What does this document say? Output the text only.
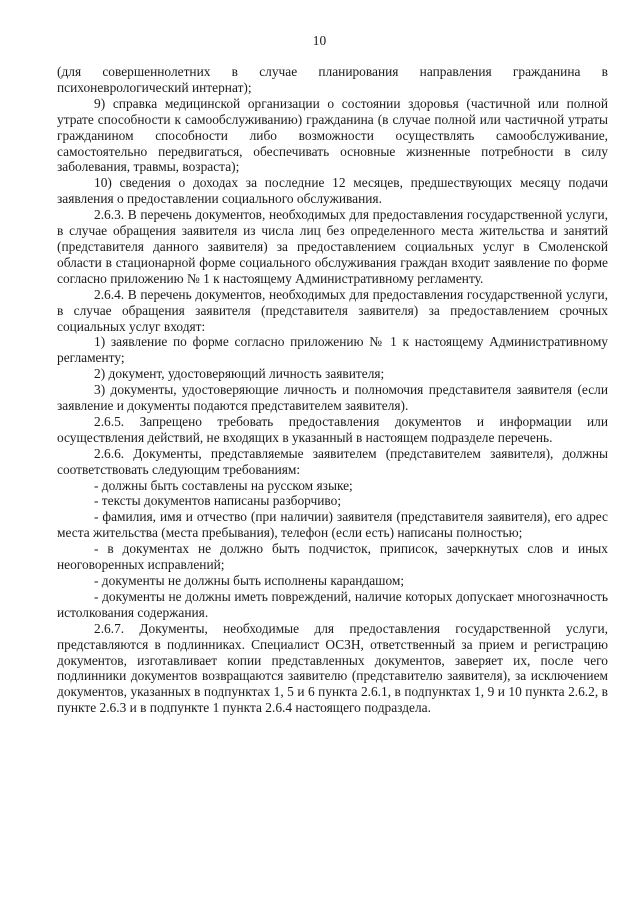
10

(для совершеннолетних в случае планирования направления гражданина в психоневрологический интернат);

9) справка медицинской организации о состоянии здоровья (частичной или полной утрате способности к самообслуживанию) гражданина (в случае полной или частичной утраты гражданином способности либо возможности осуществлять самообслуживание, самостоятельно передвигаться, обеспечивать основные жизненные потребности в силу заболевания, травмы, возраста);

10) сведения о доходах за последние 12 месяцев, предшествующих месяцу подачи заявления о предоставлении социального обслуживания.

2.6.3. В перечень документов, необходимых для предоставления государственной услуги, в случае обращения заявителя из числа лиц без определенного места жительства и занятий (представителя данного заявителя) за предоставлением социальных услуг в Смоленской области в стационарной форме социального обслуживания граждан входит заявление по форме согласно приложению № 1 к настоящему Административному регламенту.

2.6.4. В перечень документов, необходимых для предоставления государственной услуги, в случае обращения заявителя (представителя заявителя) за предоставлением срочных социальных услуг входят:

1) заявление по форме согласно приложению № 1 к настоящему Административному регламенту;

2) документ, удостоверяющий личность заявителя;

3) документы, удостоверяющие личность и полномочия представителя заявителя (если заявление и документы подаются представителем заявителя).

2.6.5. Запрещено требовать предоставления документов и информации или осуществления действий, не входящих в указанный в настоящем подразделе перечень.

2.6.6. Документы, представляемые заявителем (представителем заявителя), должны соответствовать следующим требованиям:

- должны быть составлены на русском языке;

- тексты документов написаны разборчиво;

- фамилия, имя и отчество (при наличии) заявителя (представителя заявителя), его адрес места жительства (места пребывания), телефон (если есть) написаны полностью;

- в документах не должно быть подчисток, приписок, зачеркнутых слов и иных неоговоренных исправлений;

- документы не должны быть исполнены карандашом;

- документы не должны иметь повреждений, наличие которых допускает многозначность истолкования содержания.

2.6.7. Документы, необходимые для предоставления государственной услуги, представляются в подлинниках. Специалист ОСЗН, ответственный за прием и регистрацию документов, изготавливает копии представленных документов, заверяет их, после чего подлинники документов возвращаются заявителю (представителю заявителя), за исключением документов, указанных в подпунктах 1, 5 и 6 пункта 2.6.1, в подпунктах 1, 9 и 10 пункта 2.6.2, в пункте 2.6.3 и в подпункте 1 пункта 2.6.4 настоящего подраздела.
